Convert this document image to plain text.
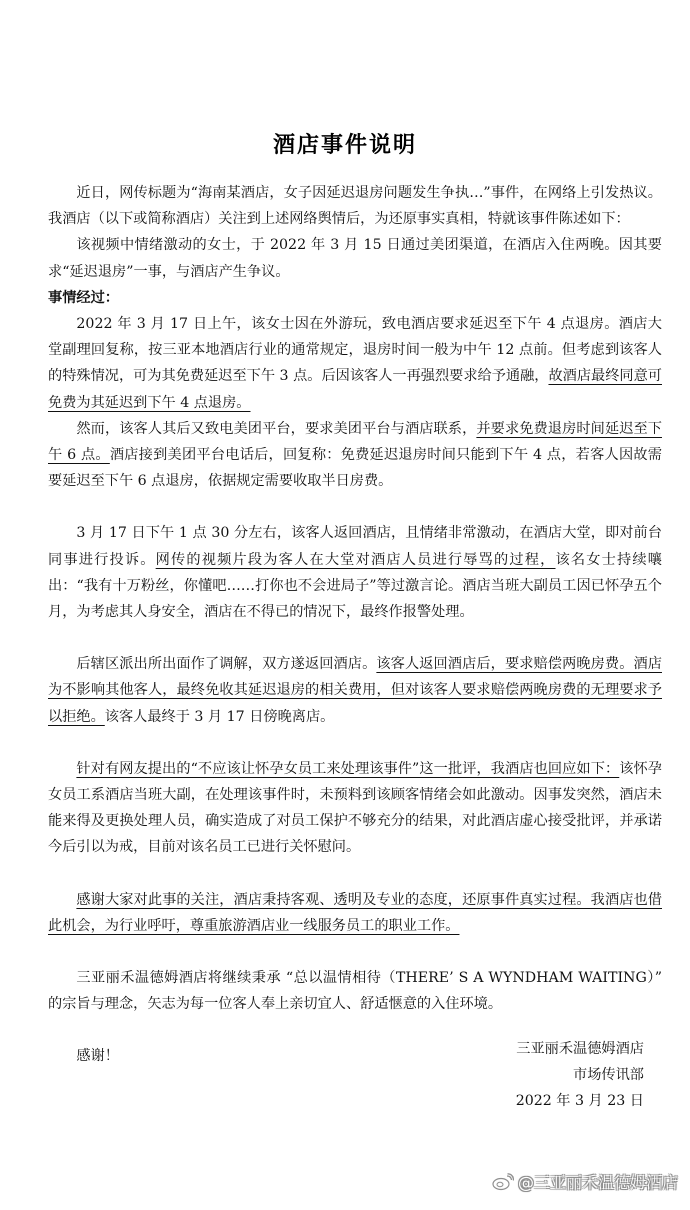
酒店事件说明

近日，网传标题为“海南某酒店，女子因延迟退房问题发生争执…”事件，在网络上引发热议。我酒店（以下或简称酒店）关注到上述网络舆情后，为还原事实真相，特就该事件陈述如下：

该视频中情绪激动的女士，于 2022 年 3 月 15 日通过美团渠道，在酒店入住两晚。因其要求“延迟退房”一事，与酒店产生争议。

事情经过：

2022 年 3 月 17 日上午，该女士因在外游玩，致电酒店要求延迟至下午 4 点退房。酒店大堂副理回复称，按三亚本地酒店行业的通常规定，退房时间一般为中午 12 点前。但考虑到该客人的特殊情况，可为其免费延迟至下午 3 点。后因该客人一再强烈要求给予通融，故酒店最终同意可免费为其延迟到下午 4 点退房。

然而，该客人其后又致电美团平台，要求美团平台与酒店联系，并要求免费退房时间延迟至下午 6 点。酒店接到美团平台电话后，回复称：免费延迟退房时间只能到下午 4 点，若客人因故需要延迟至下午 6 点退房，依据规定需要收取半日房费。

3 月 17 日下午 1 点 30 分左右，该客人返回酒店，且情绪非常激动，在酒店大堂，即对前台同事进行投诉。网传的视频片段为客人在大堂对酒店人员进行辱骂的过程，该名女士持续嚷出：“我有十万粉丝，你懂吧……打你也不会进局子”等过激言论。酒店当班大副员工因已怀孕五个月，为考虑其人身安全，酒店在不得已的情况下，最终作报警处理。

后辖区派出所出面作了调解，双方遂返回酒店。该客人返回酒店后，要求赔偿两晚房费。酒店为不影响其他客人，最终免收其延迟退房的相关费用，但对该客人要求赔偿两晚房费的无理要求予以拒绝。该客人最终于 3 月 17 日傍晚离店。

针对有网友提出的“不应该让怀孕女员工来处理该事件”这一批评，我酒店也回应如下：该怀孕女员工系酒店当班大副，在处理该事件时，未预料到该顾客情绪会如此激动。因事发突然，酒店未能来得及更换处理人员，确实造成了对员工保护不够充分的结果，对此酒店虚心接受批评，并承诺今后引以为戒，目前对该名员工已进行关怀慰问。

感谢大家对此事的关注，酒店秉持客观、透明及专业的态度，还原事件真实过程。我酒店也借此机会，为行业呼吁，尊重旅游酒店业一线服务员工的职业工作。

三亚丽禾温德姆酒店将继续秉承 “总以温情相待（THERE’ S A WYNDHAM WAITING）” 的宗旨与理念，矢志为每一位客人奉上亲切宜人、舒适惬意的入住环境。

感谢！	三亚丽禾温德姆酒店
市场传讯部
2022 年 3 月 23 日
@三亚丽禾温德姆酒店
